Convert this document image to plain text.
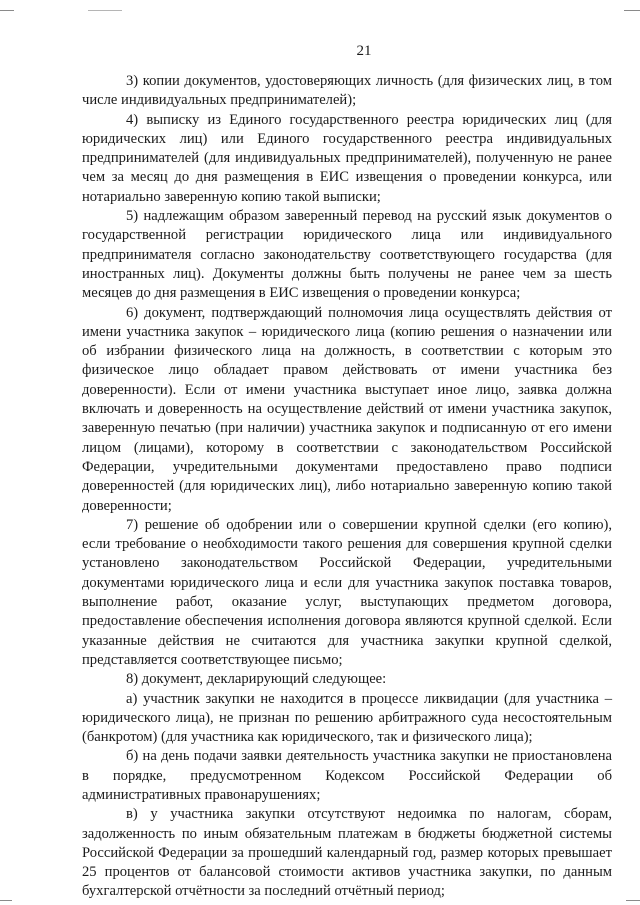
21

3) копии документов, удостоверяющих личность (для физических лиц, в том числе индивидуальных предпринимателей);

4) выписку из Единого государственного реестра юридических лиц (для юридических лиц) или Единого государственного реестра индивидуальных предпринимателей (для индивидуальных предпринимателей), полученную не ранее чем за месяц до дня размещения в ЕИС извещения о проведении конкурса, или нотариально заверенную копию такой выписки;

5) надлежащим образом заверенный перевод на русский язык документов о государственной регистрации юридического лица или индивидуального предпринимателя согласно законодательству соответствующего государства (для иностранных лиц). Документы должны быть получены не ранее чем за шесть месяцев до дня размещения в ЕИС извещения о проведении конкурса;

6) документ, подтверждающий полномочия лица осуществлять действия от имени участника закупок – юридического лица (копию решения о назначении или об избрании физического лица на должность, в соответствии с которым это физическое лицо обладает правом действовать от имени участника без доверенности). Если от имени участника выступает иное лицо, заявка должна включать и доверенность на осуществление действий от имени участника закупок, заверенную печатью (при наличии) участника закупок и подписанную от его имени лицом (лицами), которому в соответствии с законодательством Российской Федерации, учредительными документами предоставлено право подписи доверенностей (для юридических лиц), либо нотариально заверенную копию такой доверенности;

7) решение об одобрении или о совершении крупной сделки (его копию), если требование о необходимости такого решения для совершения крупной сделки установлено законодательством Российской Федерации, учредительными документами юридического лица и если для участника закупок поставка товаров, выполнение работ, оказание услуг, выступающих предметом договора, предоставление обеспечения исполнения договора являются крупной сделкой. Если указанные действия не считаются для участника закупки крупной сделкой, представляется соответствующее письмо;

8) документ, декларирующий следующее:

а) участник закупки не находится в процессе ликвидации (для участника – юридического лица), не признан по решению арбитражного суда несостоятельным (банкротом) (для участника как юридического, так и физического лица);

б) на день подачи заявки деятельность участника закупки не приостановлена в порядке, предусмотренном Кодексом Российской Федерации об административных правонарушениях;

в) у участника закупки отсутствуют недоимка по налогам, сборам, задолженность по иным обязательным платежам в бюджеты бюджетной системы Российской Федерации за прошедший календарный год, размер которых превышает 25 процентов от балансовой стоимости активов участника закупки, по данным бухгалтерской отчётности за последний отчётный период;
